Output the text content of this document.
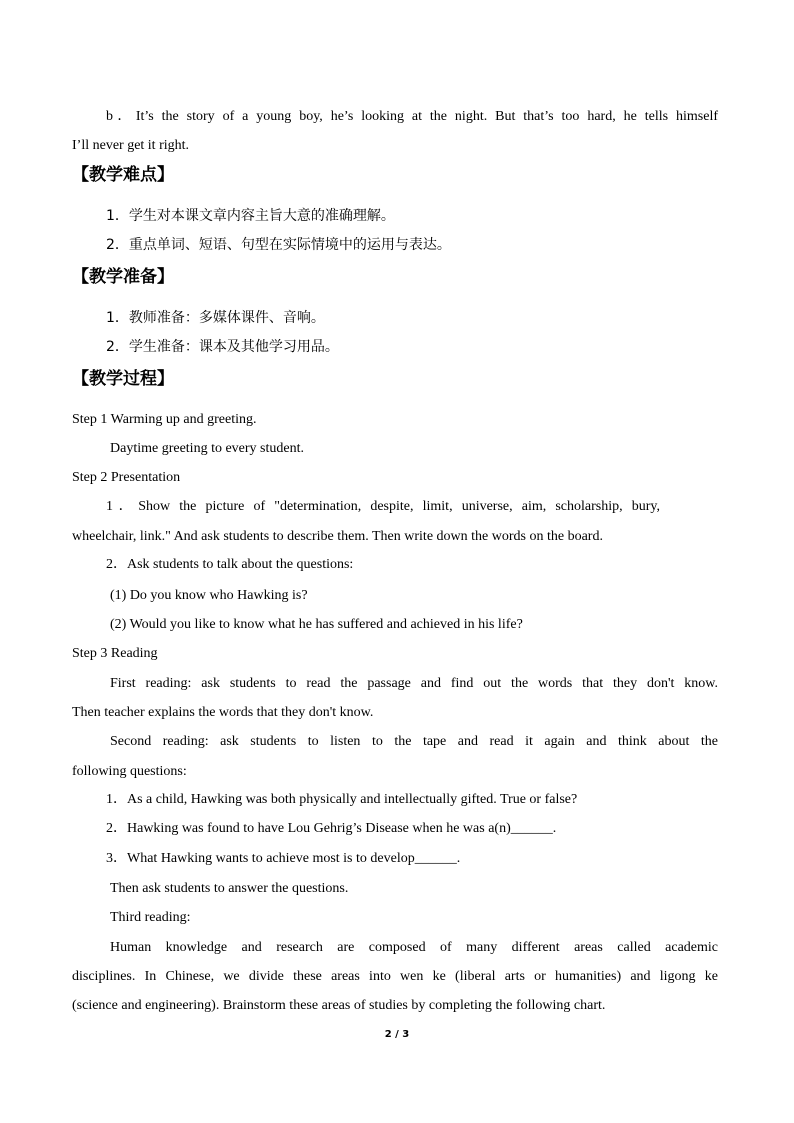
b．It’s the story of a young boy, he’s looking at the night. But that’s too hard, he tells himself
I’ll never get it right.
【教学难点】
1．学生对本课文章内容主旨大意的准确理解。
2．重点单词、短语、句型在实际情境中的运用与表达。
【教学准备】
1．教师准备：多媒体课件、音响。
2．学生准备：课本及其他学习用品。
【教学过程】
Step 1 Warming up and greeting.
Daytime greeting to every student.
Step 2 Presentation
1．Show the picture of "determination, despite, limit, universe, aim, scholarship, bury,
wheelchair, link." And ask students to describe them. Then write down the words on the board.
2．Ask students to talk about the questions:
(1) Do you know who Hawking is?
(2) Would you like to know what he has suffered and achieved in his life?
Step 3 Reading
First reading: ask students to read the passage and find out the words that they don't know.
Then teacher explains the words that they don't know.
Second reading: ask students to listen to the tape and read it again and think about the
following questions:
1．As a child, Hawking was both physically and intellectually gifted. True or false?
2．Hawking was found to have Lou Gehrig’s Disease when he was a(n)______.
3．What Hawking wants to achieve most is to develop______.
Then ask students to answer the questions.
Third reading:
Human knowledge and research are composed of many different areas called academic
disciplines. In Chinese, we divide these areas into wen ke (liberal arts or humanities) and ligong ke
(science and engineering). Brainstorm these areas of studies by completing the following chart.
2 / 3
